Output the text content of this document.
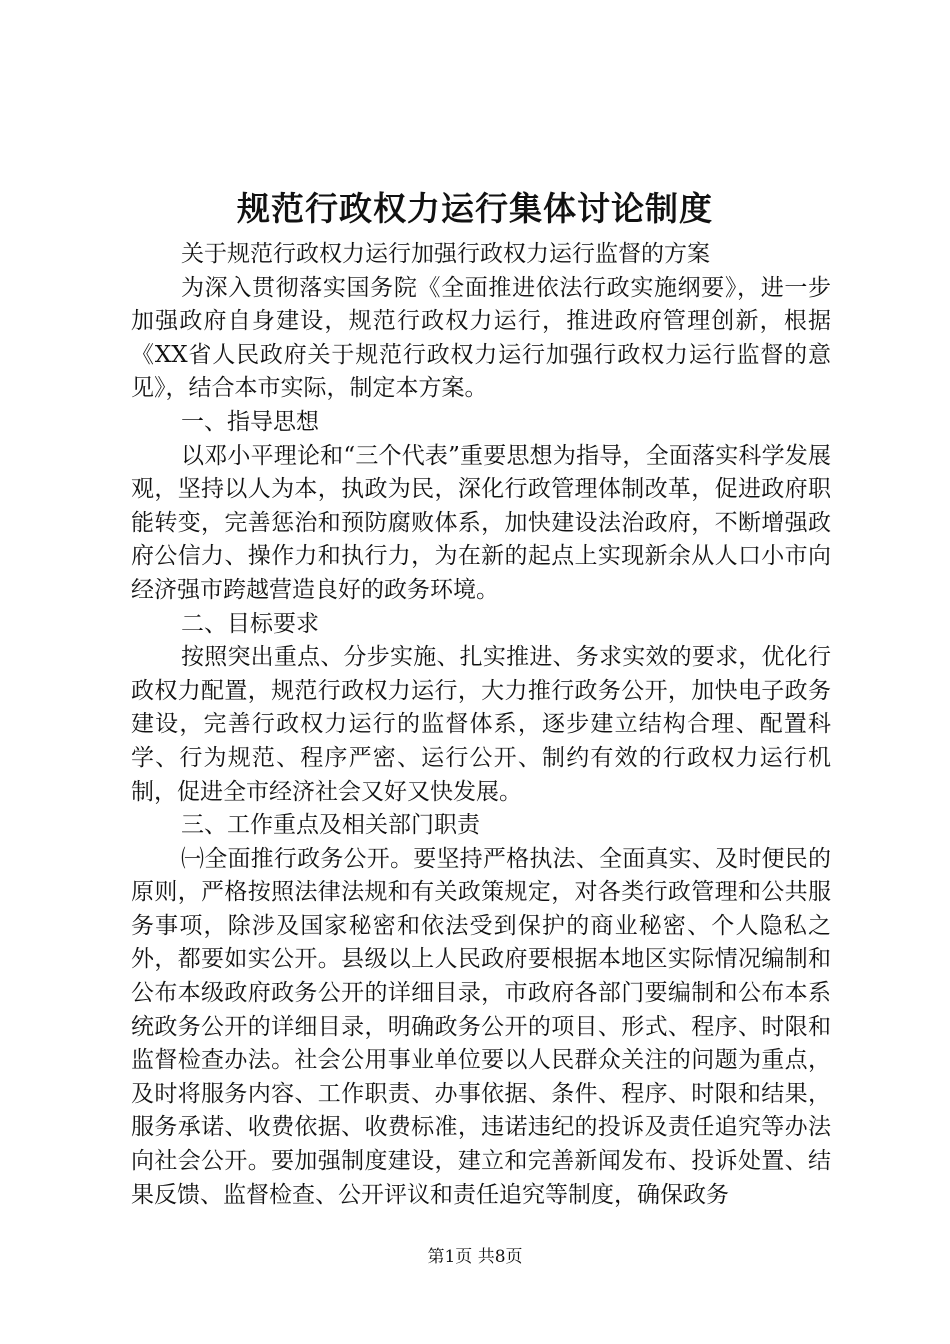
规范行政权力运行集体讨论制度

关于规范行政权力运行加强行政权力运行监督的方案

为深入贯彻落实国务院《全面推进依法行政实施纲要》，进一步加强政府自身建设，规范行政权力运行，推进政府管理创新，根据《XX省人民政府关于规范行政权力运行加强行政权力运行监督的意见》，结合本市实际，制定本方案。

一、指导思想

以邓小平理论和“三个代表”重要思想为指导，全面落实科学发展观，坚持以人为本，执政为民，深化行政管理体制改革，促进政府职能转变，完善惩治和预防腐败体系，加快建设法治政府，不断增强政府公信力、操作力和执行力，为在新的起点上实现新余从人口小市向经济强市跨越营造良好的政务环境。

二、目标要求

按照突出重点、分步实施、扎实推进、务求实效的要求，优化行政权力配置，规范行政权力运行，大力推行政务公开，加快电子政务建设，完善行政权力运行的监督体系，逐步建立结构合理、配置科学、行为规范、程序严密、运行公开、制约有效的行政权力运行机制，促进全市经济社会又好又快发展。

三、工作重点及相关部门职责

㈠全面推行政务公开。要坚持严格执法、全面真实、及时便民的原则，严格按照法律法规和有关政策规定，对各类行政管理和公共服务事项，除涉及国家秘密和依法受到保护的商业秘密、个人隐私之外，都要如实公开。县级以上人民政府要根据本地区实际情况编制和公布本级政府政务公开的详细目录，市政府各部门要编制和公布本系统政务公开的详细目录，明确政务公开的项目、形式、程序、时限和监督检查办法。社会公用事业单位要以人民群众关注的问题为重点，及时将服务内容、工作职责、办事依据、条件、程序、时限和结果，服务承诺、收费依据、收费标准，违诺违纪的投诉及责任追究等办法向社会公开。要加强制度建设，建立和完善新闻发布、投诉处置、结果反馈、监督检查、公开评议和责任追究等制度，确保政务

第1页 共8页
